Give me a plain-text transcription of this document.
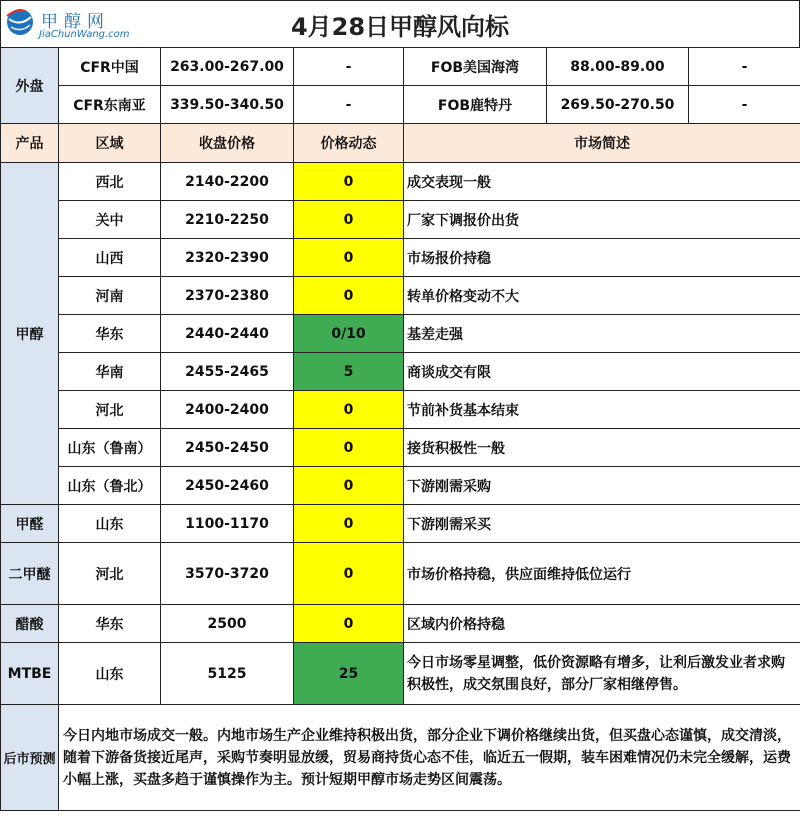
甲醇网
JiaChunWang.com	4月28日甲醇风向标
外盘	CFR中国	263.00-267.00	-	FOB美国海湾	88.00-89.00	-
	CFR东南亚	339.50-340.50	-	FOB鹿特丹	269.50-270.50	-
产品	区域	收盘价格	价格动态	市场简述		
甲醇	西北	2140-2200	0	成交表现一般		
	关中	2210-2250	0	厂家下调报价出货		
	山西	2320-2390	0	市场报价持稳		
	河南	2370-2380	0	转单价格变动不大		
	华东	2440-2440	0/10	基差走强		
	华南	2455-2465	5	商谈成交有限		
	河北	2400-2400	0	节前补货基本结束		
	山东（鲁南）	2450-2450	0	接货积极性一般		
	山东（鲁北）	2450-2460	0	下游刚需采购		
甲醛	山东	1100-1170	0	下游刚需采买		
二甲醚	河北	3570-3720	0	市场价格持稳，供应面维持低位运行		
醋酸	华东	2500	0	区域内价格持稳		
MTBE	山东	5125	25	今日市场零星调整，低价资源略有增多，让利后激发业者求购积极性，成交氛围良好，部分厂家相继停售。		
后市预测	今日内地市场成交一般。内地市场生产企业维持积极出货，部分企业下调价格继续出货，但买盘心态谨慎，成交清淡，随着下游备货接近尾声，采购节奏明显放缓，贸易商持货心态不佳，临近五一假期，装车困难情况仍未完全缓解，运费小幅上涨，买盘多趋于谨慎操作为主。预计短期甲醇市场走势区间震荡。					
